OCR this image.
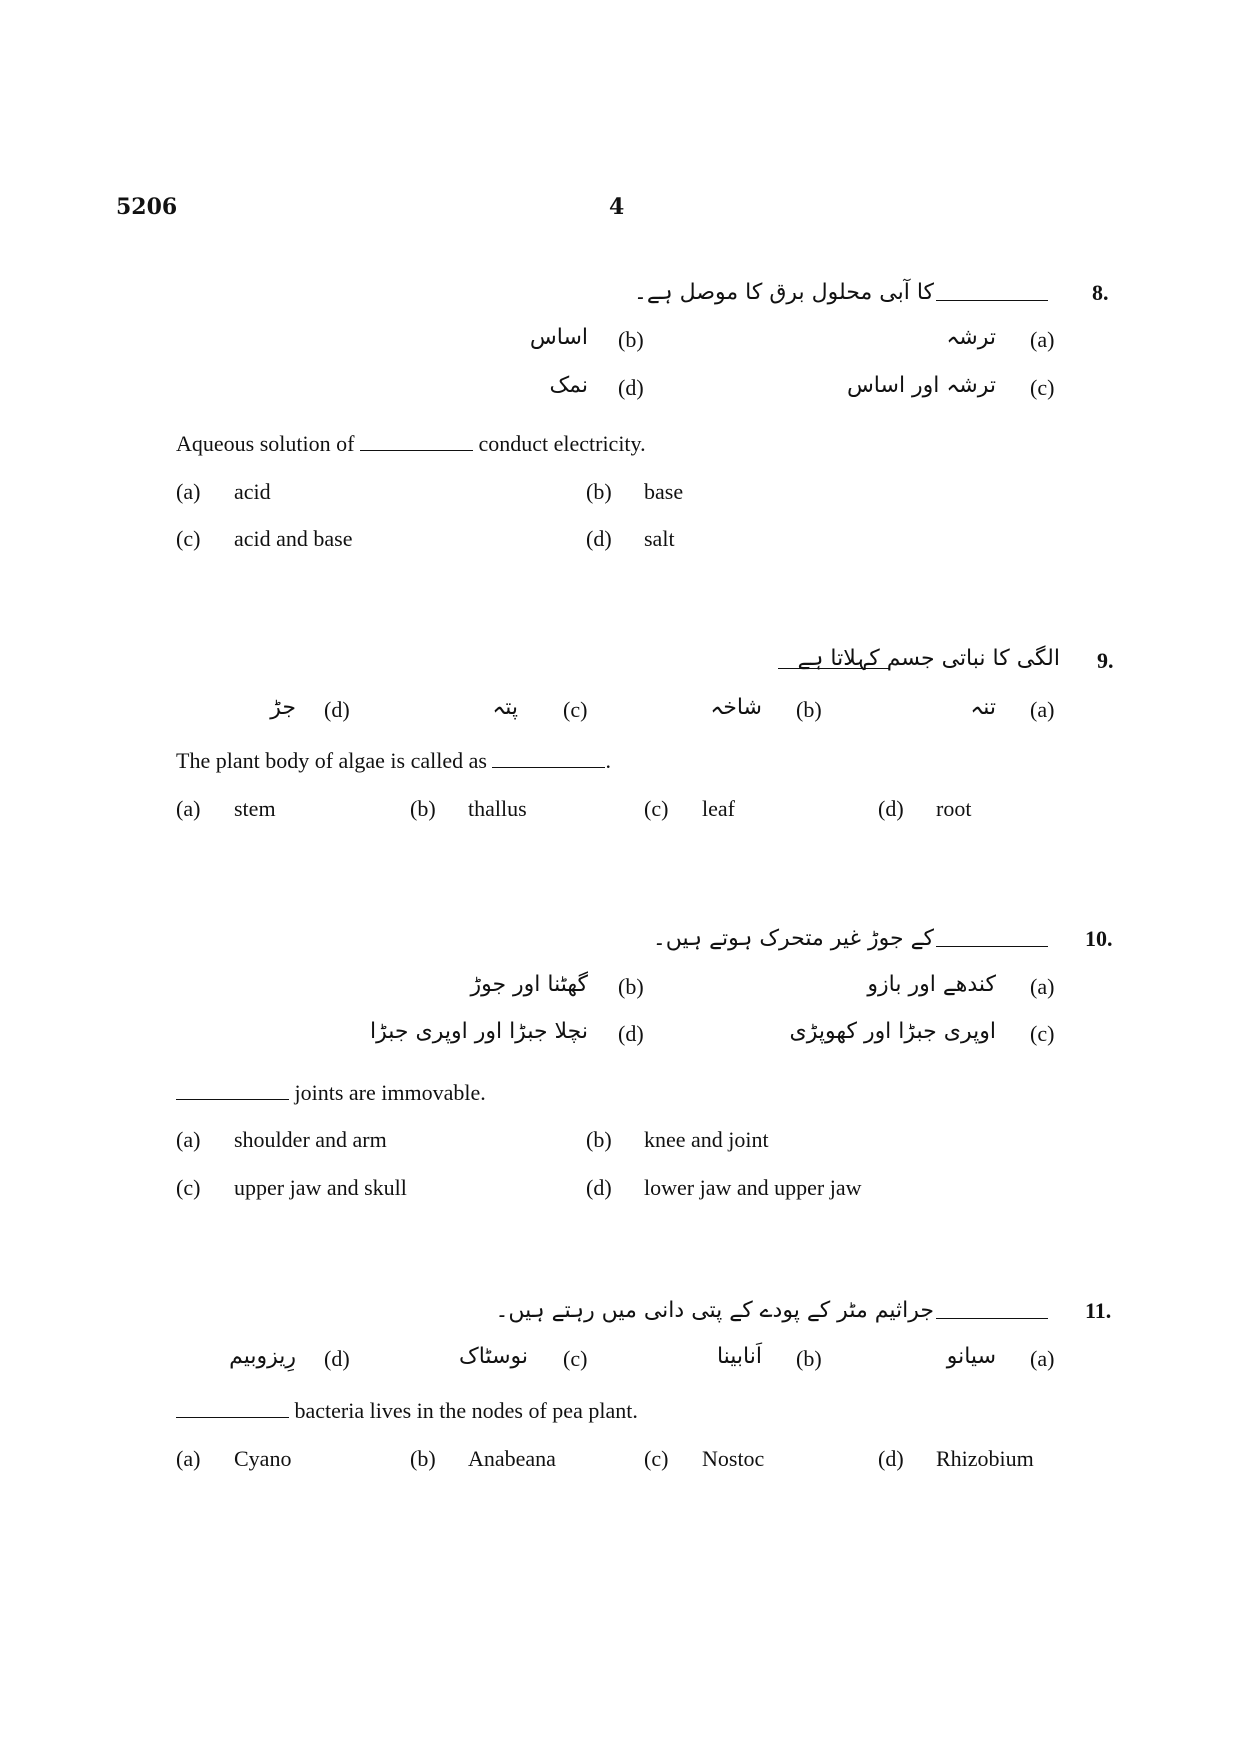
5206	4
8.
کا آبی محلول برق کا موصل ہے۔
(a)
ترشہ
(b)
اساس
(c)
ترشہ اور اساس
(d)
نمک
Aqueous solution of	conduct electricity.
(a) acid	(b) base
(c) acid and base	(d) salt
9.
الگی کا نباتی جسم کہلاتا ہے
(a)
تنہ
(b)
شاخہ
(c)
پتہ
(d)
جڑ
The plant body of algae is called as	.
(a) stem	(b) thallus	(c) leaf	(d) root
10.
کے جوڑ غیر متحرک ہوتے ہیں۔
(a)
کندھے اور بازو
(b)
گھٹنا اور جوڑ
(c)
اوپری جبڑا اور کھوپڑی
(d)
نچلا جبڑا اور اوپری جبڑا
joints are immovable.
(a) shoulder and arm	(b) knee and joint
(c) upper jaw and skull	(d) lower jaw and upper jaw
11.
جراثیم مٹر کے پودے کے پتی دانی میں رہتے ہیں۔
(a)
سیانو
(b)
اَنابینا
(c)
نوسٹاک
(d)
رِیزوبیم
bacteria lives in the nodes of pea plant.
(a) Cyano	(b) Anabeana	(c) Nostoc	(d) Rhizobium
